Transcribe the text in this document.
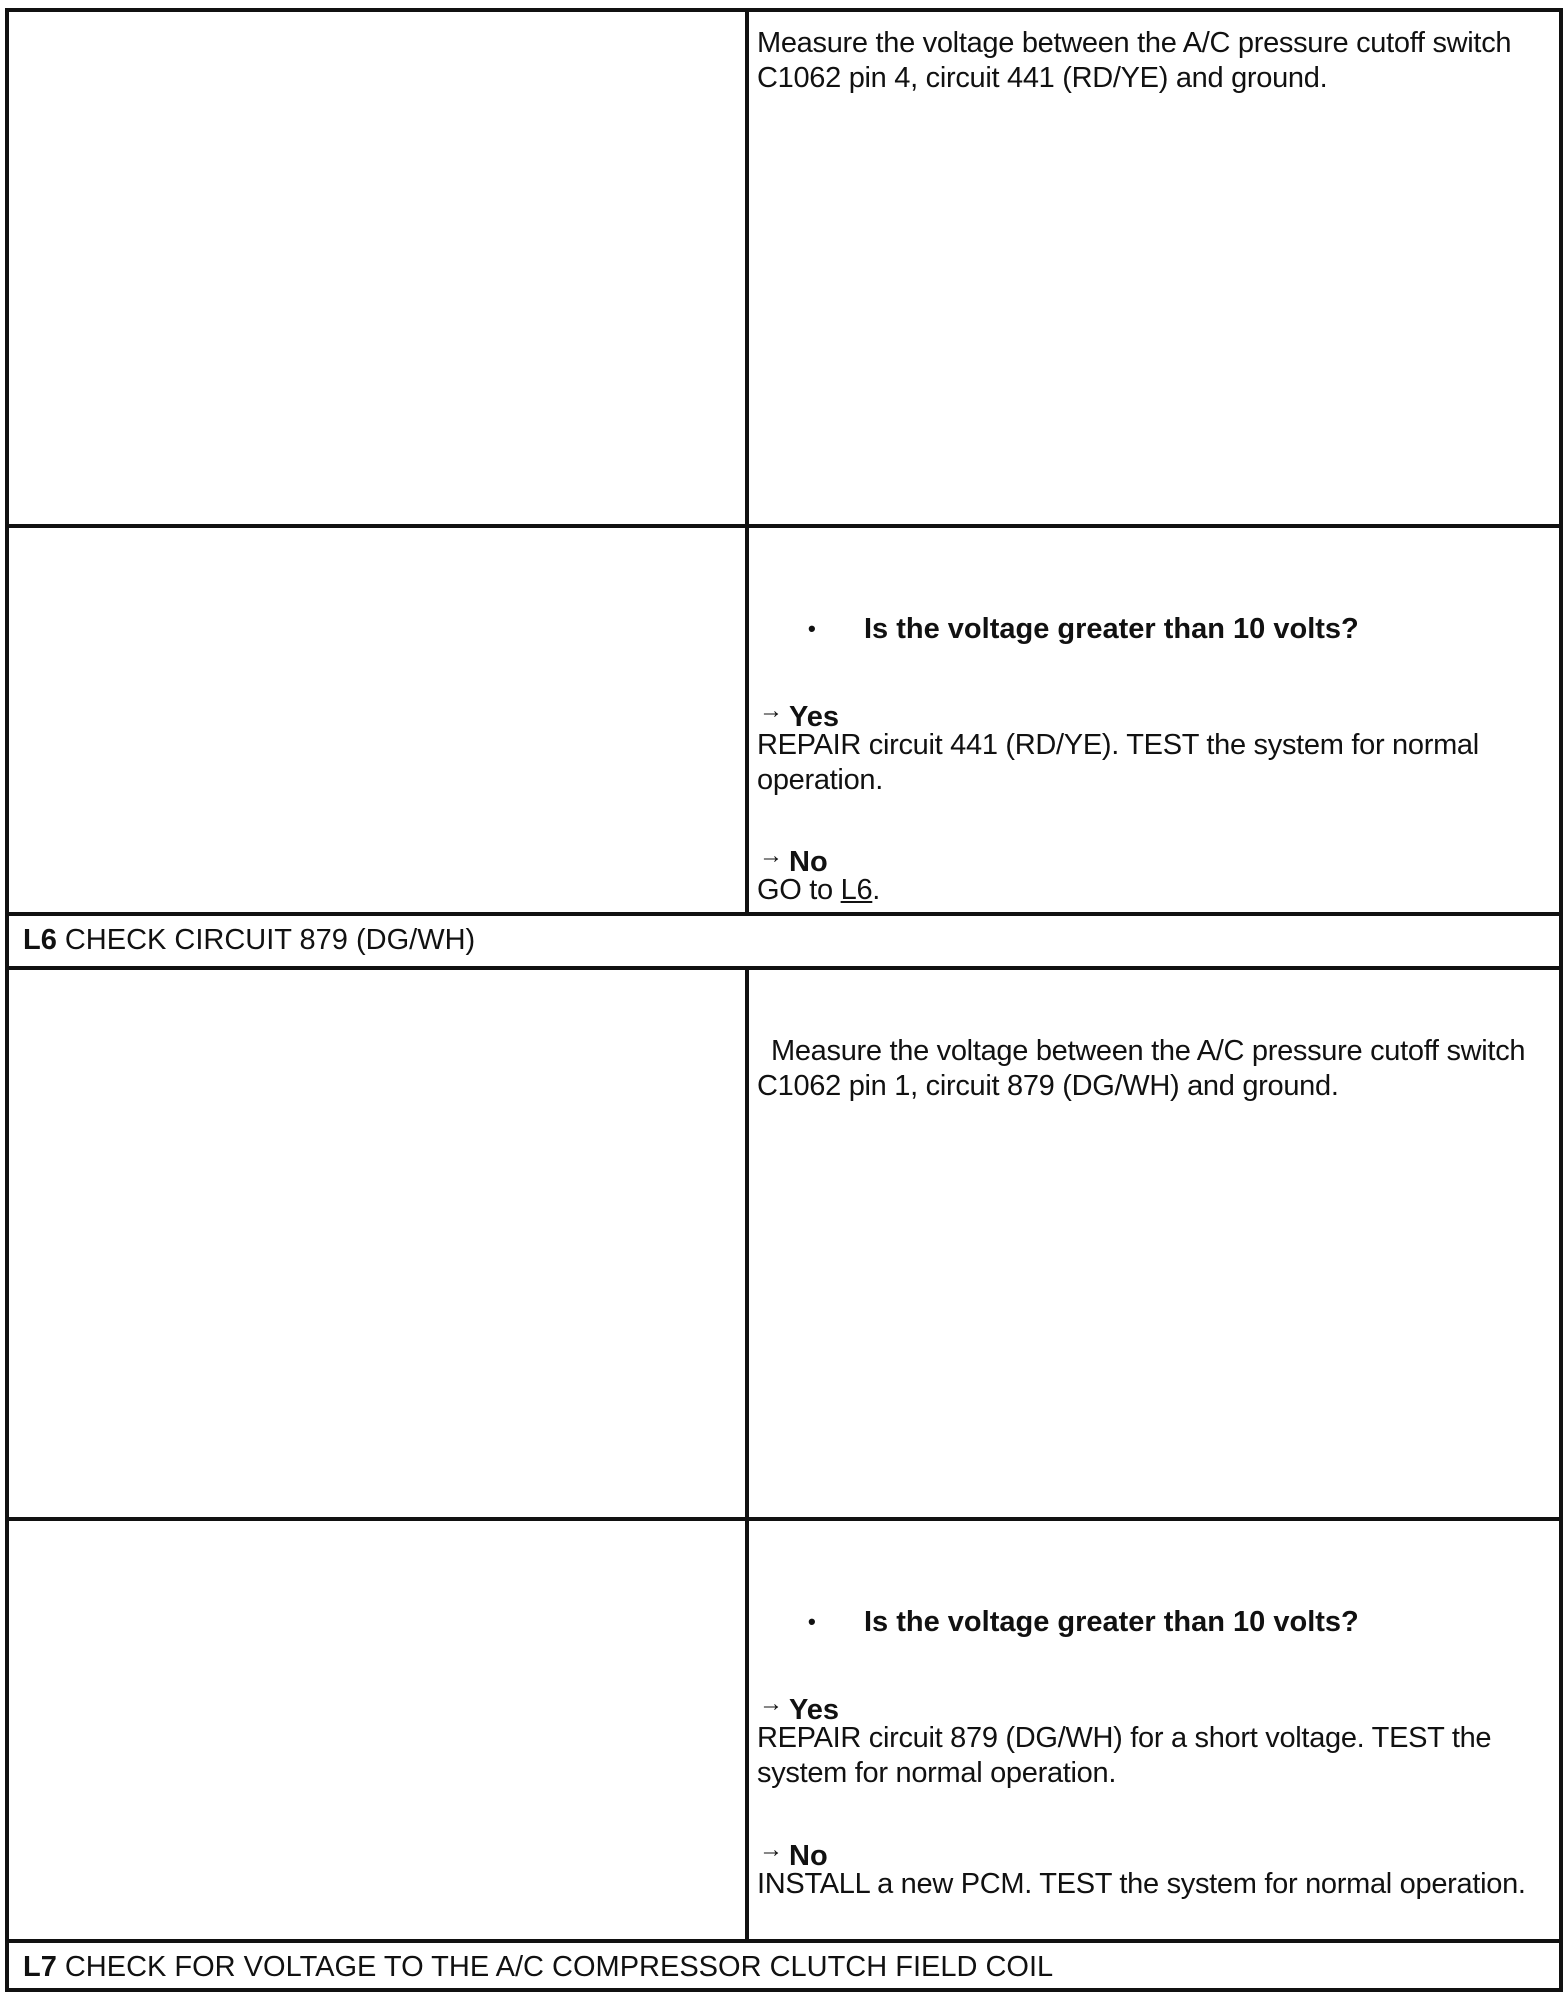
Measure the voltage between the A/C pressure cutoff switch C1062 pin 4, circuit 441 (RD/YE) and ground.
• Is the voltage greater than 10 volts?
→ Yes
REPAIR circuit 441 (RD/YE). TEST the system for normal operation.
→ No
GO to L6.
L6 CHECK CIRCUIT 879 (DG/WH)
Measure the voltage between the A/C pressure cutoff switch C1062 pin 1, circuit 879 (DG/WH) and ground.
• Is the voltage greater than 10 volts?
→ Yes
REPAIR circuit 879 (DG/WH) for a short voltage. TEST the system for normal operation.
→ No
INSTALL a new PCM. TEST the system for normal operation.
L7 CHECK FOR VOLTAGE TO THE A/C COMPRESSOR CLUTCH FIELD COIL
